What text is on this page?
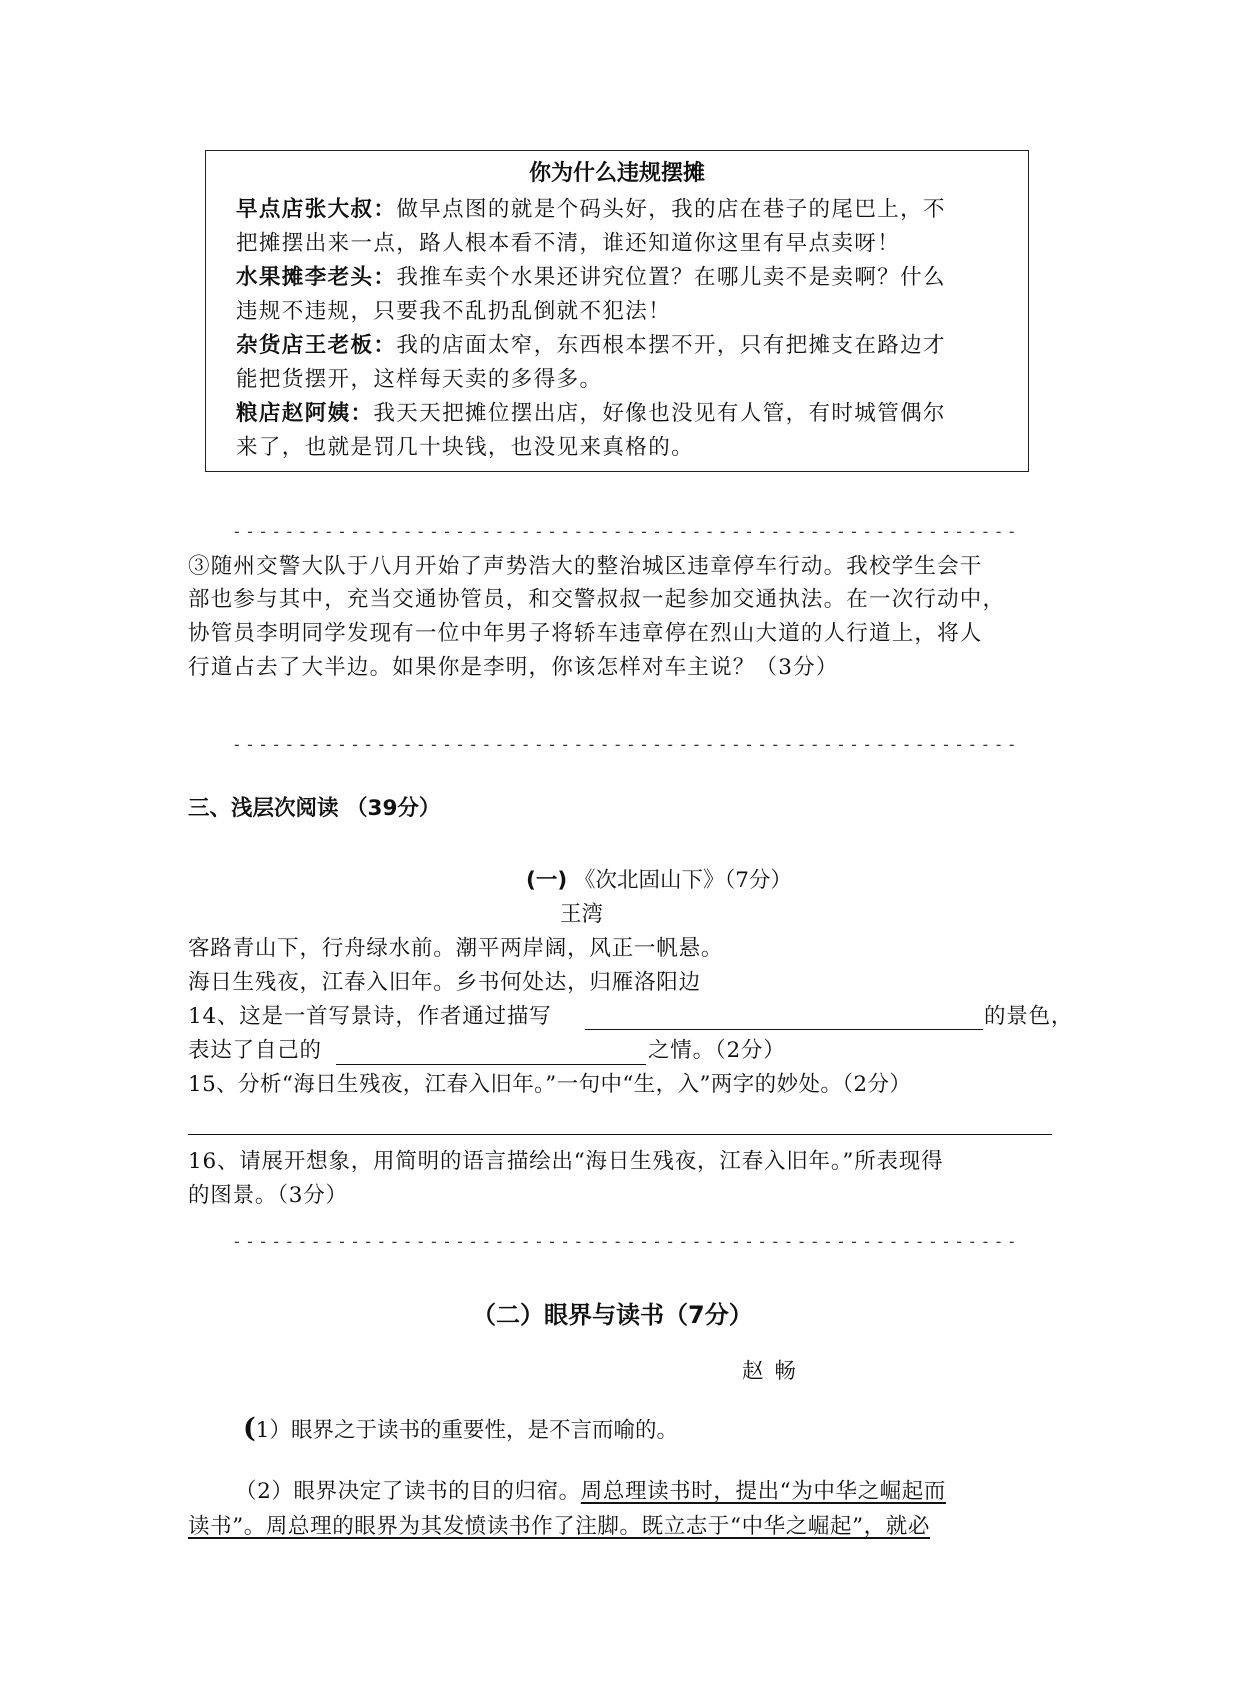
你为什么违规摆摊
早点店张大叔：做早点图的就是个码头好，我的店在巷子的尾巴上，不
把摊摆出来一点，路人根本看不清，谁还知道你这里有早点卖呀！
水果摊李老头：我推车卖个水果还讲究位置？在哪儿卖不是卖啊？什么
违规不违规，只要我不乱扔乱倒就不犯法！
杂货店王老板：我的店面太窄，东西根本摆不开，只有把摊支在路边才
能把货摆开，这样每天卖的多得多。
粮店赵阿姨：我天天把摊位摆出店，好像也没见有人管，有时城管偶尔
来了，也就是罚几十块钱，也没见来真格的。
------------------------------------------------------------
③随州交警大队于八月开始了声势浩大的整治城区违章停车行动。我校学生会干
部也参与其中，充当交通协管员，和交警叔叔一起参加交通执法。在一次行动中，
协管员李明同学发现有一位中年男子将轿车违章停在烈山大道的人行道上，将人
行道占去了大半边。如果你是李明，你该怎样对车主说？（3分）
------------------------------------------------------------
三、浅层次阅读 （39分）
(一) 《次北固山下》（7分）
王湾
客路青山下，行舟绿水前。潮平两岸阔，风正一帆悬。
海日生残夜，江春入旧年。乡书何处达，归雁洛阳边
14、这是一首写景诗，作者通过描写	的景色，
表达了自己的	之情。（2分）
15、分析“海日生残夜，江春入旧年。”一句中“生，入”两字的妙处。（2分）
16、请展开想象，用简明的语言描绘出“海日生残夜，江春入旧年。”所表现得
的图景。（3分）
------------------------------------------------------------
（二）眼界与读书（7分）
赵 畅
(1）眼界之于读书的重要性，是不言而喻的。
（2）眼界决定了读书的目的归宿。周总理读书时，提出“为中华之崛起而
读书”。周总理的眼界为其发愤读书作了注脚。既立志于“中华之崛起”，就必
